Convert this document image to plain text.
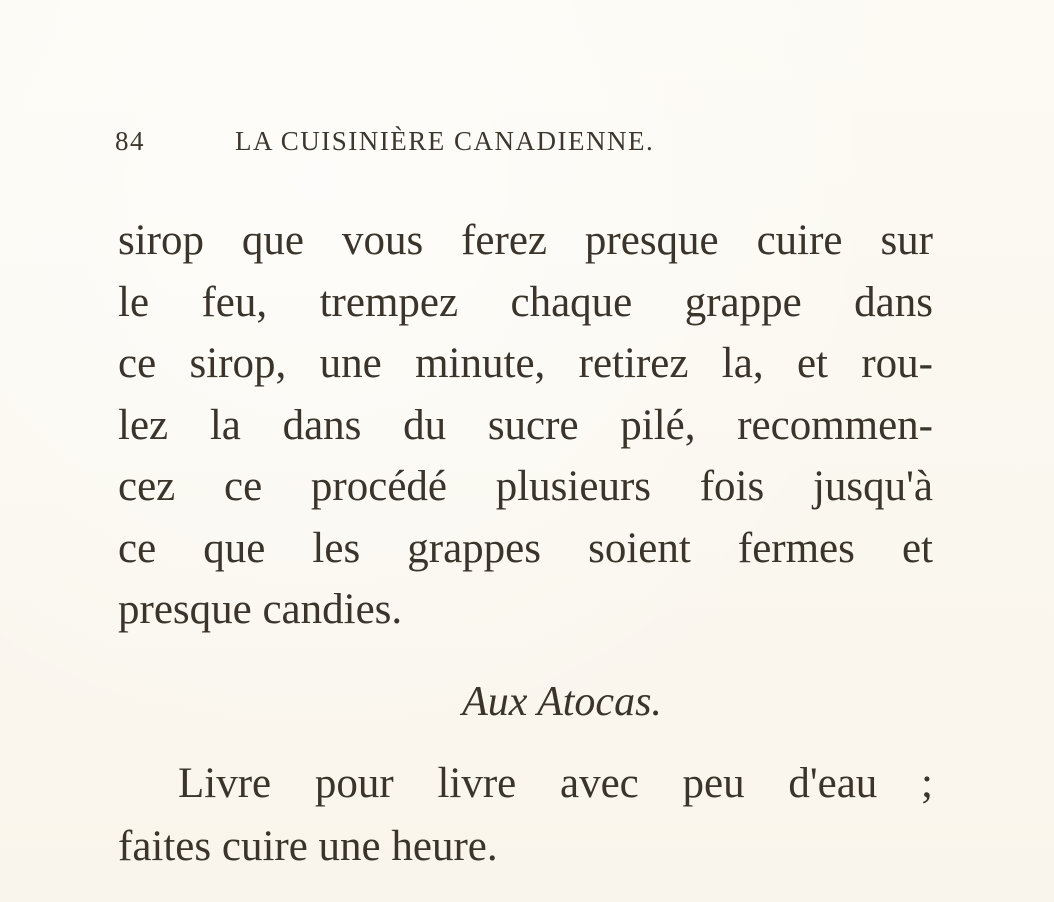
84	LA CUISINIÈRE CANADIENNE.
sirop que vous ferez presque cuire sur
le feu, trempez chaque grappe dans
ce sirop, une minute, retirez la, et rou-
lez la dans du sucre pilé, recommen-
cez ce procédé plusieurs fois jusqu'à
ce que les grappes soient fermes et
presque candies.
Aux Atocas.
Livre pour livre avec peu d'eau ;
faites cuire une heure.
